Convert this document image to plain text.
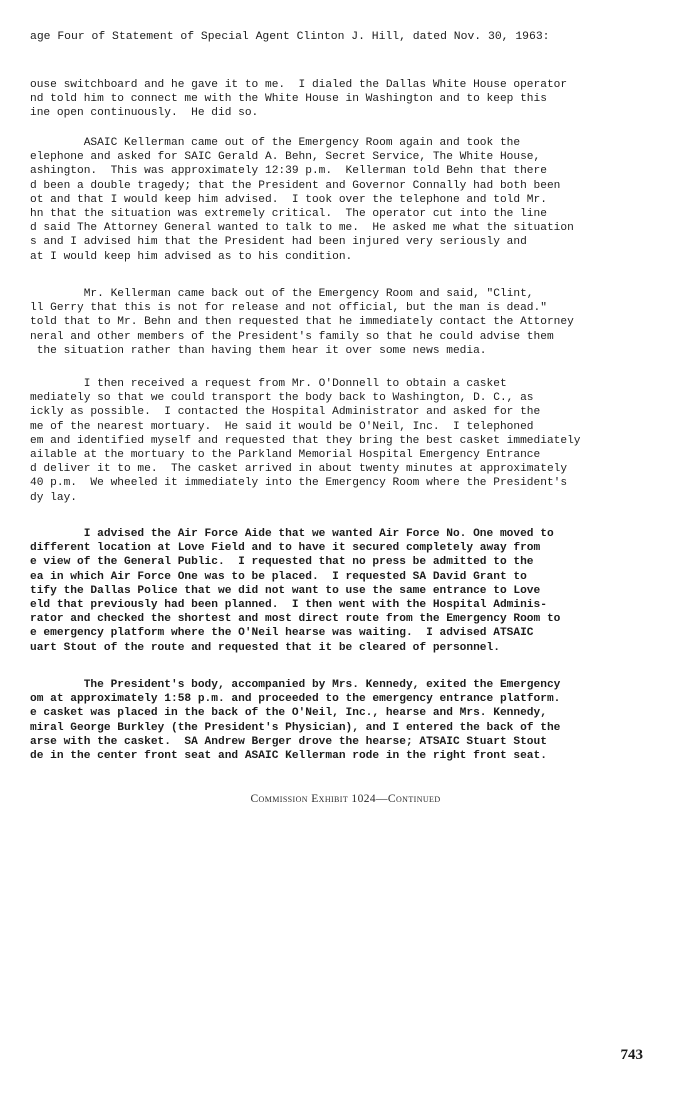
age Four of Statement of Special Agent Clinton J. Hill, dated Nov. 30, 1963:
ouse switchboard and he gave it to me.  I dialed the Dallas White House operator
nd told him to connect me with the White House in Washington and to keep this
ine open continuously.  He did so.
ASAIC Kellerman came out of the Emergency Room again and took the
elephone and asked for SAIC Gerald A. Behn, Secret Service, The White House,
ashington.  This was approximately 12:39 p.m.  Kellerman told Behn that there
d been a double tragedy; that the President and Governor Connally had both been
ot and that I would keep him advised.  I took over the telephone and told Mr.
hn that the situation was extremely critical.  The operator cut into the line
d said The Attorney General wanted to talk to me.  He asked me what the situation
s and I advised him that the President had been injured very seriously and
at I would keep him advised as to his condition.
Mr. Kellerman came back out of the Emergency Room and said, "Clint,
ll Gerry that this is not for release and not official, but the man is dead."
told that to Mr. Behn and then requested that he immediately contact the Attorney
neral and other members of the President's family so that he could advise them
the situation rather than having them hear it over some news media.
I then received a request from Mr. O'Donnell to obtain a casket
mediately so that we could transport the body back to Washington, D. C., as
ickly as possible.  I contacted the Hospital Administrator and asked for the
me of the nearest mortuary.  He said it would be O'Neil, Inc.  I telephoned
em and identified myself and requested that they bring the best casket immediately
ailable at the mortuary to the Parkland Memorial Hospital Emergency Entrance
d deliver it to me.  The casket arrived in about twenty minutes at approximately
40 p.m.  We wheeled it immediately into the Emergency Room where the President's
dy lay.
I advised the Air Force Aide that we wanted Air Force No. One moved to
different location at Love Field and to have it secured completely away from
e view of the General Public.  I requested that no press be admitted to the
ea in which Air Force One was to be placed.  I requested SA David Grant to
tify the Dallas Police that we did not want to use the same entrance to Love
eld that previously had been planned.  I then went with the Hospital Adminis-
rator and checked the shortest and most direct route from the Emergency Room to
e emergency platform where the O'Neil hearse was waiting.  I advised ATSAIC
uart Stout of the route and requested that it be cleared of personnel.
The President's body, accompanied by Mrs. Kennedy, exited the Emergency
om at approximately 1:58 p.m. and proceeded to the emergency entrance platform.
e casket was placed in the back of the O'Neil, Inc., hearse and Mrs. Kennedy,
miral George Burkley (the President's Physician), and I entered the back of the
arse with the casket.  SA Andrew Berger drove the hearse; ATSAIC Stuart Stout
de in the center front seat and ASAIC Kellerman rode in the right front seat.
Commission Exhibit 1024—Continued
743
